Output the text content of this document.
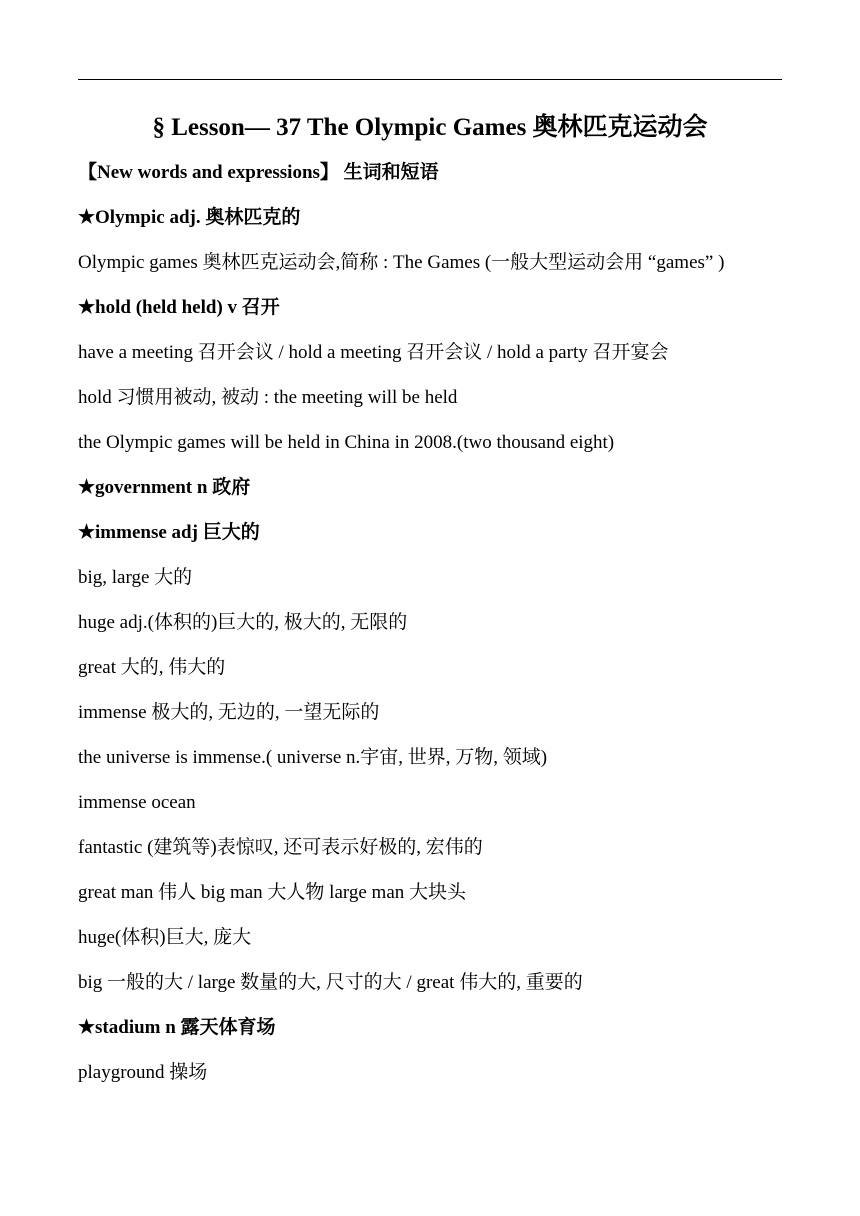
§ Lesson— 37 The Olympic Games 奥林匹克运动会
【New words and expressions】 生词和短语
★Olympic adj. 奥林匹克的
Olympic games 奥林匹克运动会,简称 : The Games (一般大型运动会用 “games” )
★hold (held held) v 召开
have a meeting 召开会议 / hold a meeting 召开会议 / hold a party 召开宴会
hold 习惯用被动, 被动 : the meeting will be held
the Olympic games will be held in China in 2008.(two thousand eight)
★government n 政府
★immense adj 巨大的
big, large 大的
huge adj.(体积的)巨大的, 极大的, 无限的
great 大的, 伟大的
immense 极大的, 无边的, 一望无际的
the universe is immense.( universe n.宇宙, 世界, 万物, 领域)
immense ocean
fantastic (建筑等)表惊叹, 还可表示好极的, 宏伟的
great man 伟人 big man 大人物 large man 大块头
huge(体积)巨大, 庞大
big 一般的大 / large 数量的大, 尺寸的大 / great 伟大的, 重要的
★stadium n 露天体育场
playground 操场
